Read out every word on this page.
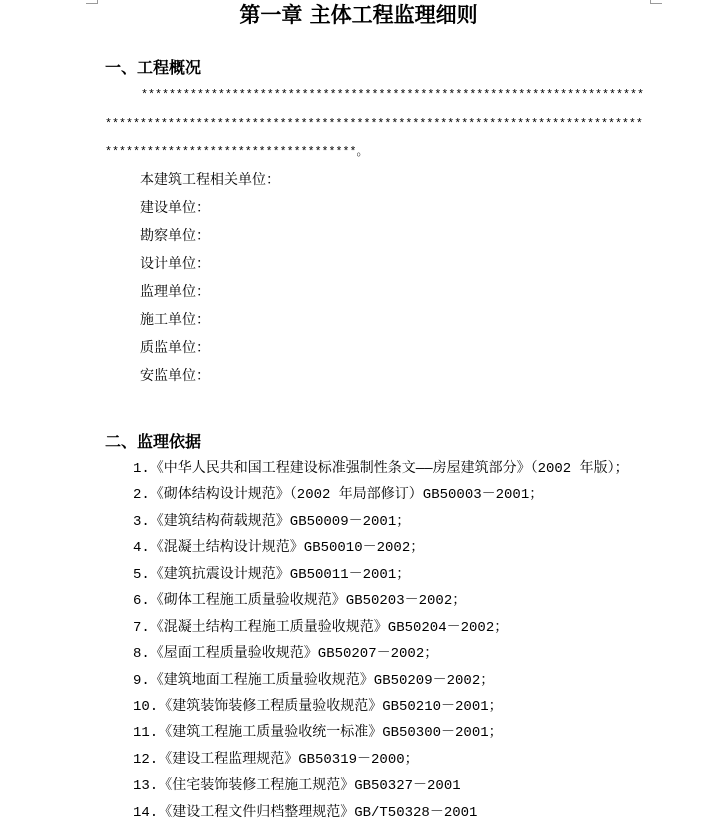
第一章 主体工程监理细则
一、工程概况
*****************************************************************************************************************************************************************************************。
本建筑工程相关单位：
建设单位：
勘察单位：
设计单位：
监理单位：
施工单位：
质监单位：
安监单位：
二、监理依据
1.《中华人民共和国工程建设标准强制性条文——房屋建筑部分》（2002 年版）；
2.《砌体结构设计规范》（2002 年局部修订）GB50003－2001；
3.《建筑结构荷载规范》GB50009－2001；
4.《混凝土结构设计规范》GB50010－2002；
5.《建筑抗震设计规范》GB50011－2001；
6.《砌体工程施工质量验收规范》GB50203－2002；
7.《混凝土结构工程施工质量验收规范》GB50204－2002；
8.《屋面工程质量验收规范》GB50207－2002；
9.《建筑地面工程施工质量验收规范》GB50209－2002；
10.《建筑装饰装修工程质量验收规范》GB50210－2001；
11.《建筑工程施工质量验收统一标准》GB50300－2001；
12.《建设工程监理规范》GB50319－2000；
13.《住宅装饰装修工程施工规范》GB50327－2001
14.《建设工程文件归档整理规范》GB/T50328－2001
